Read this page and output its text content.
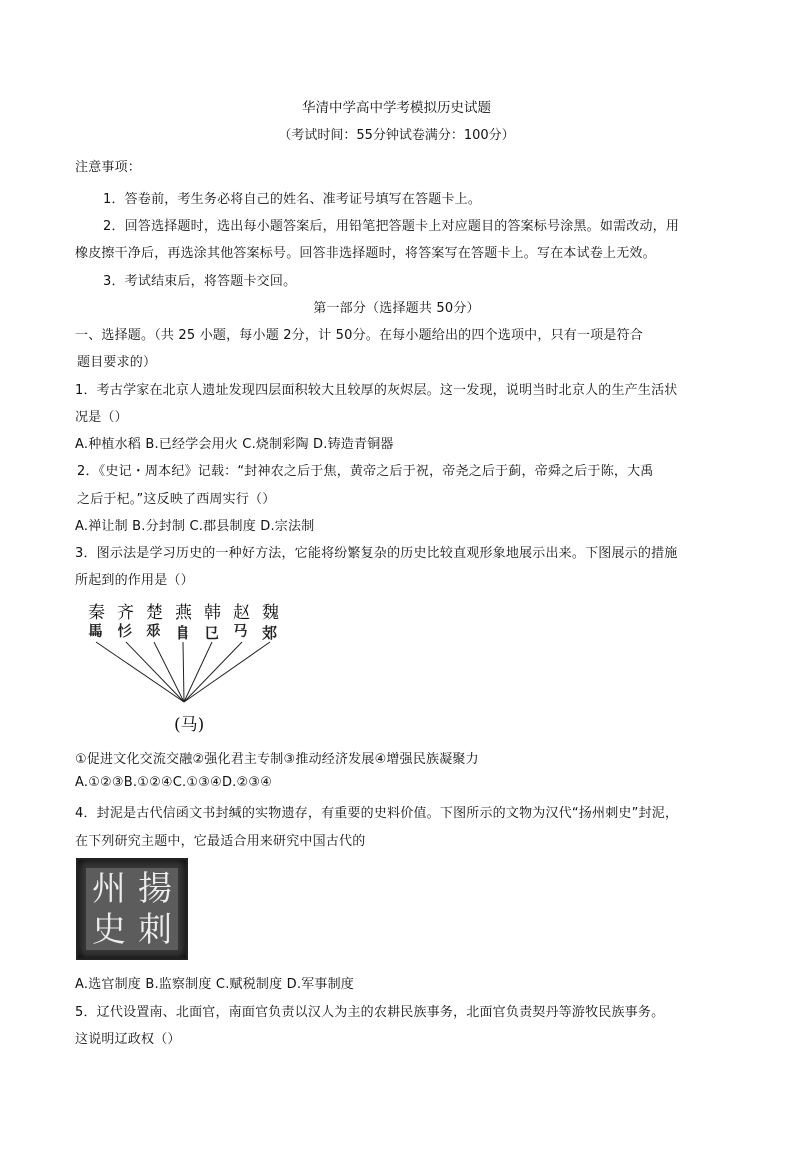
华清中学高中学考模拟历史试题
（考试时间：55分钟试卷满分：100分）
注意事项：
1．答卷前，考生务必将自己的姓名、准考证号填写在答题卡上。
2．回答选择题时，选出每小题答案后，用铅笔把答题卡上对应题目的答案标号涂黑。如需改动，用
橡皮擦干净后，再选涂其他答案标号。回答非选择题时，将答案写在答题卡上。写在本试卷上无效。
3．考试结束后，将答题卡交回。
第一部分（选择题共 50分）
一、选择题。（共 25 小题，每小题 2分，计 50分。在每小题给出的四个选项中，只有一项是符合
题目要求的）
1．考古学家在北京人遗址发现四层面积较大且较厚的灰烬层。这一发现，说明当时北京人的生产生活状
况是（）
A.种植水稻 B.已经学会用火 C.烧制彩陶 D.铸造青铜器
2．《史记・周本纪》记载：“封神农之后于焦，黄帝之后于祝，帝尧之后于蓟，帝舜之后于陈，大禹
之后于杞。”这反映了西周实行（）
A.禅让制 B.分封制 C.郡县制度 D.宗法制
3．图示法是学习历史的一种好方法，它能将纷繁复杂的历史比较直观形象地展示出来。下图展示的措施
所起到的作用是（）
秦 齐 楚 燕 韩 赵 魏
𩡧 𢒆 𠂹 𨸏 㔾 𢎘 𨙸
(马)
①促进文化交流交融②强化君主专制③推动经济发展④增强民族凝聚力
A.①②③B.①②④C.①③④D.②③④
4．封泥是古代信函文书封缄的实物遗存，有重要的史料价值。下图所示的文物为汉代“扬州刺史”封泥，
在下列研究主题中，它最适合用来研究中国古代的
州 揚
史 刺
A.选官制度 B.监察制度 C.赋税制度 D.军事制度
5．辽代设置南、北面官，南面官负责以汉人为主的农耕民族事务，北面官负责契丹等游牧民族事务。
这说明辽政权（）
